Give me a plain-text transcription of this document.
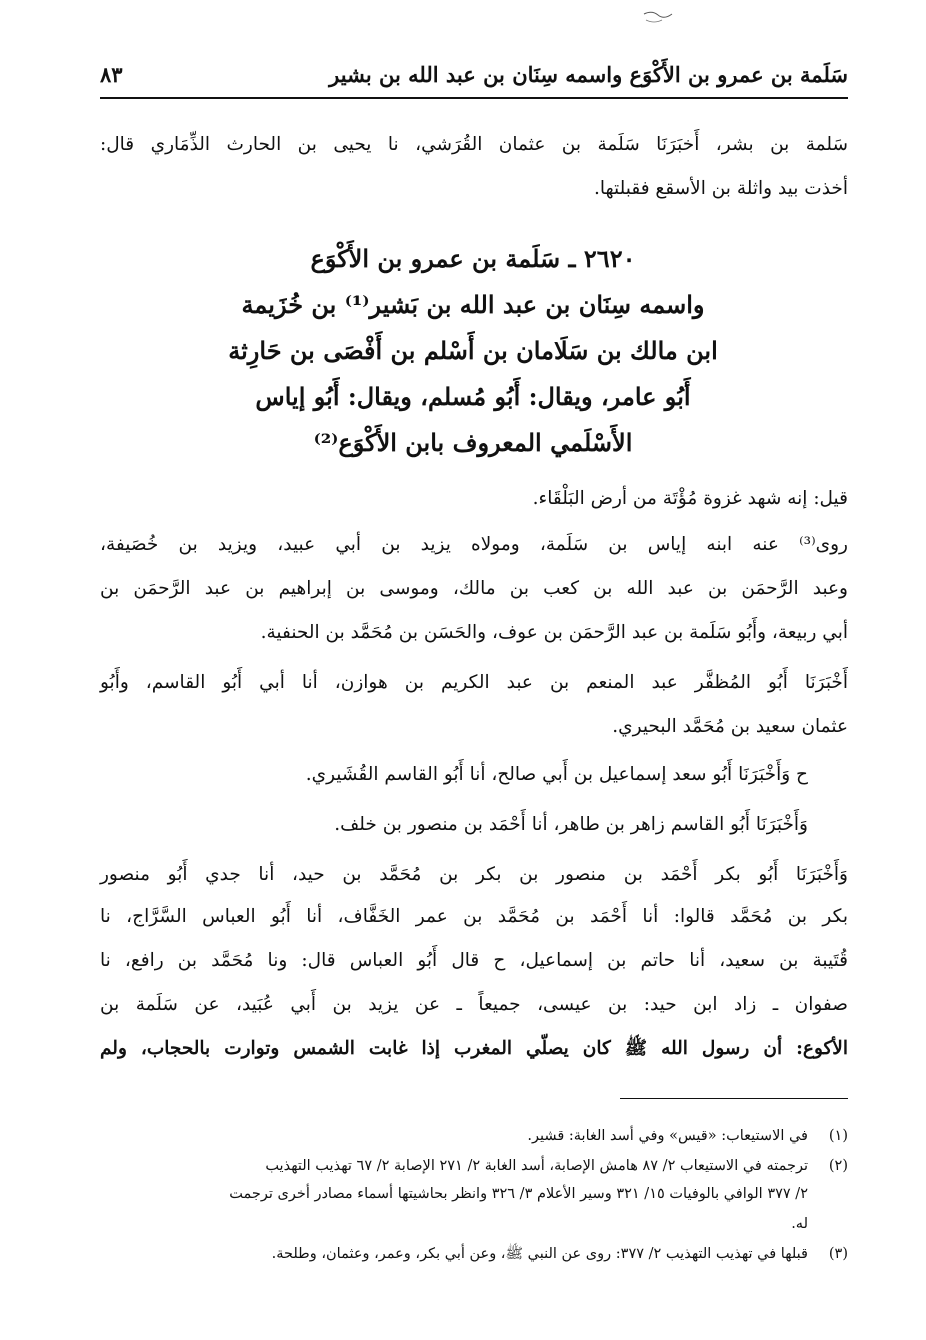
سَلَمة بن عمرو بن الأَكْوَع واسمه سِنَان بن عبد الله بن بشير
٨٣
سَلمة بن بشر، أَخبَرَنَا سَلَمة بن عثمان القُرَشي، نا يحيى بن الحارث الذِّمَاري قال:
أخذت بيد واثلة بن الأسقع فقبلتها.
٢٦٢٠ ـ سَلَمة بن عمرو بن الأَكْوَع
واسمه سِنَان بن عبد الله بن بَشير⁽¹⁾ بن خُزَيمة
ابن مالك بن سَلَامان بن أَسْلم بن أَفْصَى بن حَارِثة
أَبُو عامر، ويقال: أَبُو مُسلم، ويقال: أَبُو إياس
الأَسْلَمي المعروف بابن الأَكْوَع⁽²⁾
قيل: إنه شهد غزوة مُؤْتَة من أرض البَلْقَاء.
روى⁽³⁾ عنه ابنه إياس بن سَلَمة، ومولاه يزيد بن أبي عبيد، ويزيد بن خُصَيفة،
وعبد الرَّحمَن بن عبد الله بن كعب بن مالك، وموسى بن إبراهيم بن عبد الرَّحمَن بن
أبي ربيعة، وأَبُو سَلَمة بن عبد الرَّحمَن بن عوف، والحَسَن بن مُحَمَّد بن الحنفية.
أَخْبَرَنَا أَبُو المُظفَّر عبد المنعم بن عبد الكريم بن هوازن، أنا أبي أَبُو القاسم، وأَبُو
عثمان سعيد بن مُحَمَّد البحيري.
ح وَأَخْبَرَنَا أَبُو سعد إسماعيل بن أَبي صالح، أنا أَبُو القاسم القُشَيري.
وَأَخْبَرَنَا أَبُو القاسم زاهر بن طاهر، أنا أَحْمَد بن منصور بن خلف.
وَأَخْبَرَنَا أَبُو بكر أَحْمَد بن منصور بن بكر بن مُحَمَّد بن حيد، أنا جدي أَبُو منصور
بكر بن مُحَمَّد قالوا: أنا أَحْمَد بن مُحَمَّد بن عمر الخَفَّاف، أنا أَبُو العباس السَّرَّاج، نا
قُتَيبة بن سعيد، أنا حاتم بن إسماعيل، ح قال أَبُو العباس قال: ونا مُحَمَّد بن رافع، نا
صفوان ـ زاد ابن حيد: بن عيسى، جميعاً ـ عن يزيد بن أَبي عُبَيد، عن سَلَمة بن
الأكوع: أن رسول الله ﷺ كان يصلّي المغرب إذا غابت الشمس وتوارت بالحجاب، ولم
(١)في الاستيعاب: «قيس» وفي أسد الغابة: قشير.
(٢)ترجمته في الاستيعاب ٢/ ٨٧ هامش الإصابة، أسد الغابة ٢/ ٢٧١ الإصابة ٢/ ٦٧ تهذيب التهذيب
٢/ ٣٧٧ الوافي بالوفيات ١٥/ ٣٢١ وسير الأعلام ٣/ ٣٢٦ وانظر بحاشيتها أسماء مصادر أخرى ترجمت
له.
(٣)قبلها في تهذيب التهذيب ٢/ ٣٧٧: روى عن النبي ﷺ، وعن أبي بكر، وعمر، وعثمان، وطلحة.
